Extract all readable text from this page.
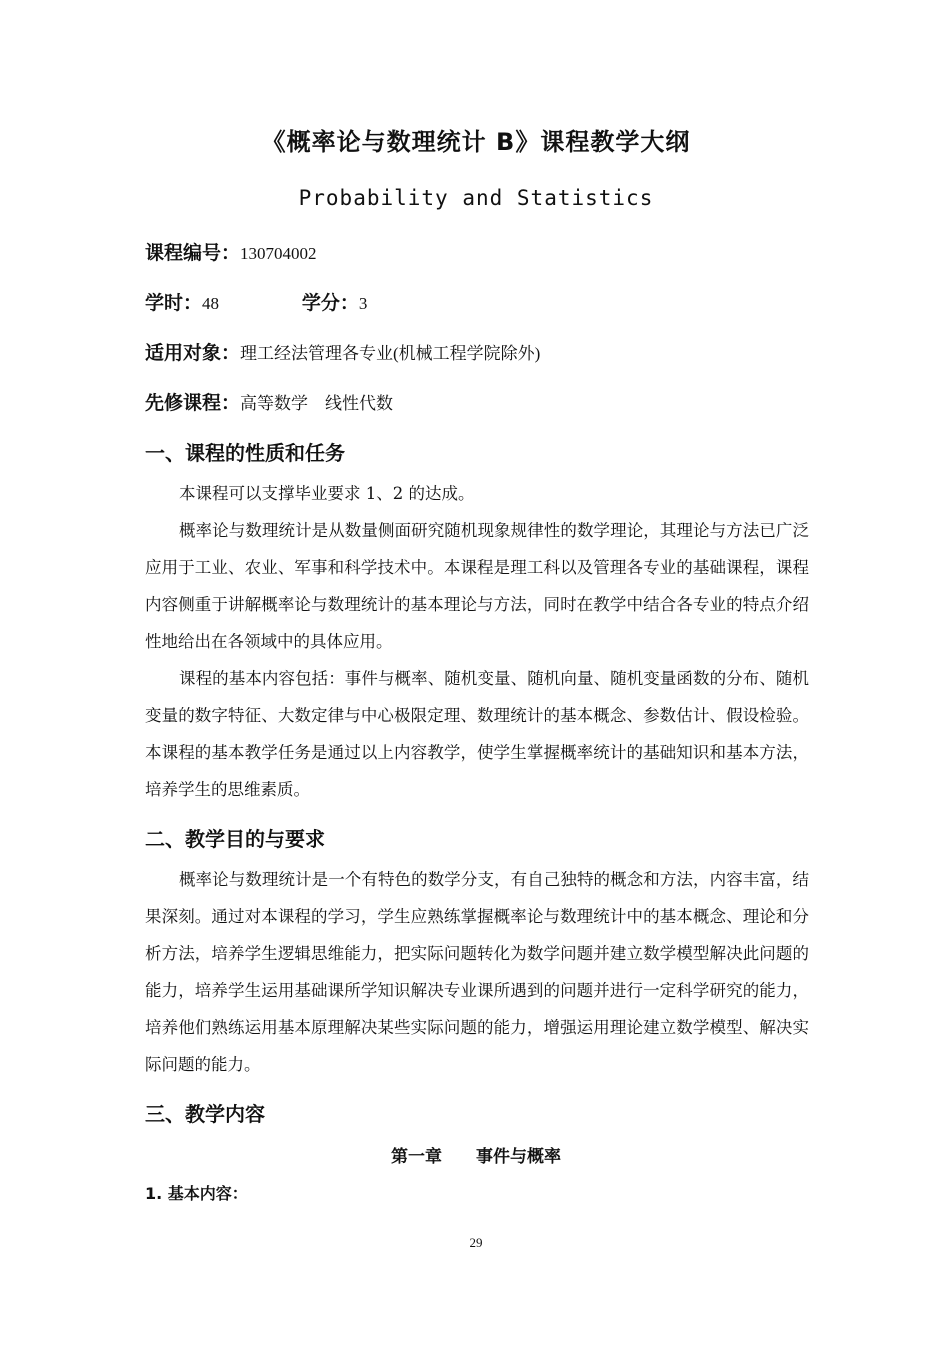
《概率论与数理统计 B》课程教学大纲
Probability and Statistics
课程编号：130704002
学时：48	学分：3
适用对象：理工经法管理各专业(机械工程学院除外)
先修课程：高等数学　线性代数
一、课程的性质和任务
本课程可以支撑毕业要求 1、2 的达成。
概率论与数理统计是从数量侧面研究随机现象规律性的数学理论，其理论与方法已广泛应用于工业、农业、军事和科学技术中。本课程是理工科以及管理各专业的基础课程，课程内容侧重于讲解概率论与数理统计的基本理论与方法，同时在教学中结合各专业的特点介绍性地给出在各领域中的具体应用。
课程的基本内容包括：事件与概率、随机变量、随机向量、随机变量函数的分布、随机变量的数字特征、大数定律与中心极限定理、数理统计的基本概念、参数估计、假设检验。本课程的基本教学任务是通过以上内容教学，使学生掌握概率统计的基础知识和基本方法，培养学生的思维素质。
二、教学目的与要求
概率论与数理统计是一个有特色的数学分支，有自己独特的概念和方法，内容丰富，结果深刻。通过对本课程的学习，学生应熟练掌握概率论与数理统计中的基本概念、理论和分析方法，培养学生逻辑思维能力，把实际问题转化为数学问题并建立数学模型解决此问题的能力，培养学生运用基础课所学知识解决专业课所遇到的问题并进行一定科学研究的能力，培养他们熟练运用基本原理解决某些实际问题的能力，增强运用理论建立数学模型、解决实际问题的能力。
三、教学内容
第一章　　事件与概率
1. 基本内容：
29
